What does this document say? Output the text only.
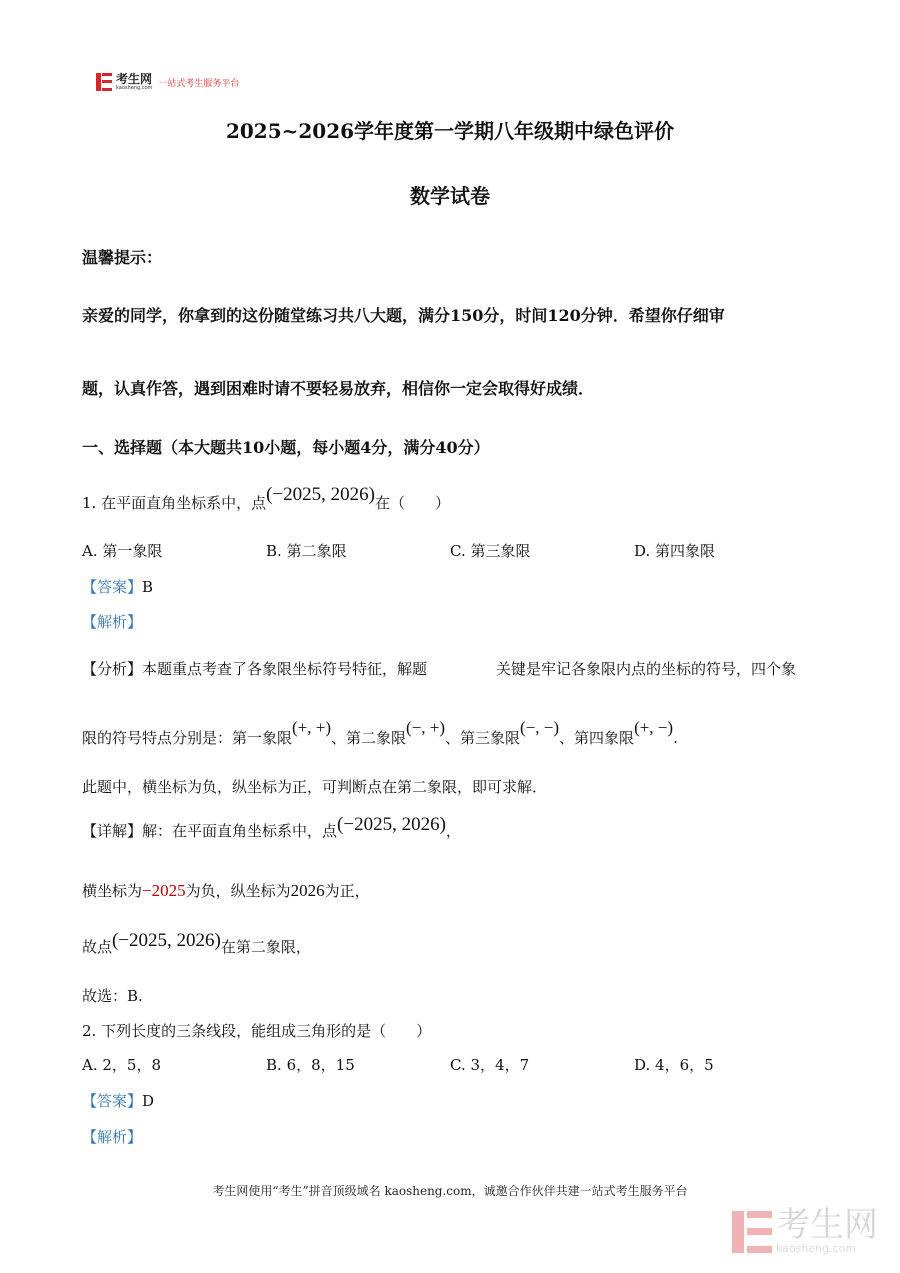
考生网
kaosheng.com 一站式考生服务平台
2025~2026学年度第一学期八年级期中绿色评价
数学试卷
温馨提示：
亲爱的同学，你拿到的这份随堂练习共八大题，满分150分，时间120分钟．希望你仔细审
题，认真作答，遇到困难时请不要轻易放弃，相信你一定会取得好成绩．
一、选择题（本大题共10小题，每小题4分，满分40分）
1. 在平面直角坐标系中，点(−2025, 2026)在（　　）
A. 第一象限	B. 第二象限	C. 第三象限	D. 第四象限
【答案】B
【解析】
【分析】本题重点考查了各象限坐标符号特征，解题	关键是牢记各象限内点的坐标的符号，四个象
限的符号特点分别是：第一象限(+, +)、第二象限(−, +)、第三象限(−, −)、第四象限(+, −).
此题中，横坐标为负，纵坐标为正，可判断点在第二象限，即可求解．
【详解】解：在平面直角坐标系中，点(−2025, 2026)，
横坐标为−2025为负，纵坐标为2026为正，
故点(−2025, 2026)在第二象限，
故选：B.
2. 下列长度的三条线段，能组成三角形的是（　　）
A. 2，5，8	B. 6，8，15	C. 3，4，7	D. 4，6，5
【答案】D
【解析】
考生网使用“考生”拼音顶级域名 kaosheng.com，诚邀合作伙伴共建一站式考生服务平台
考生网
kaosheng.com
